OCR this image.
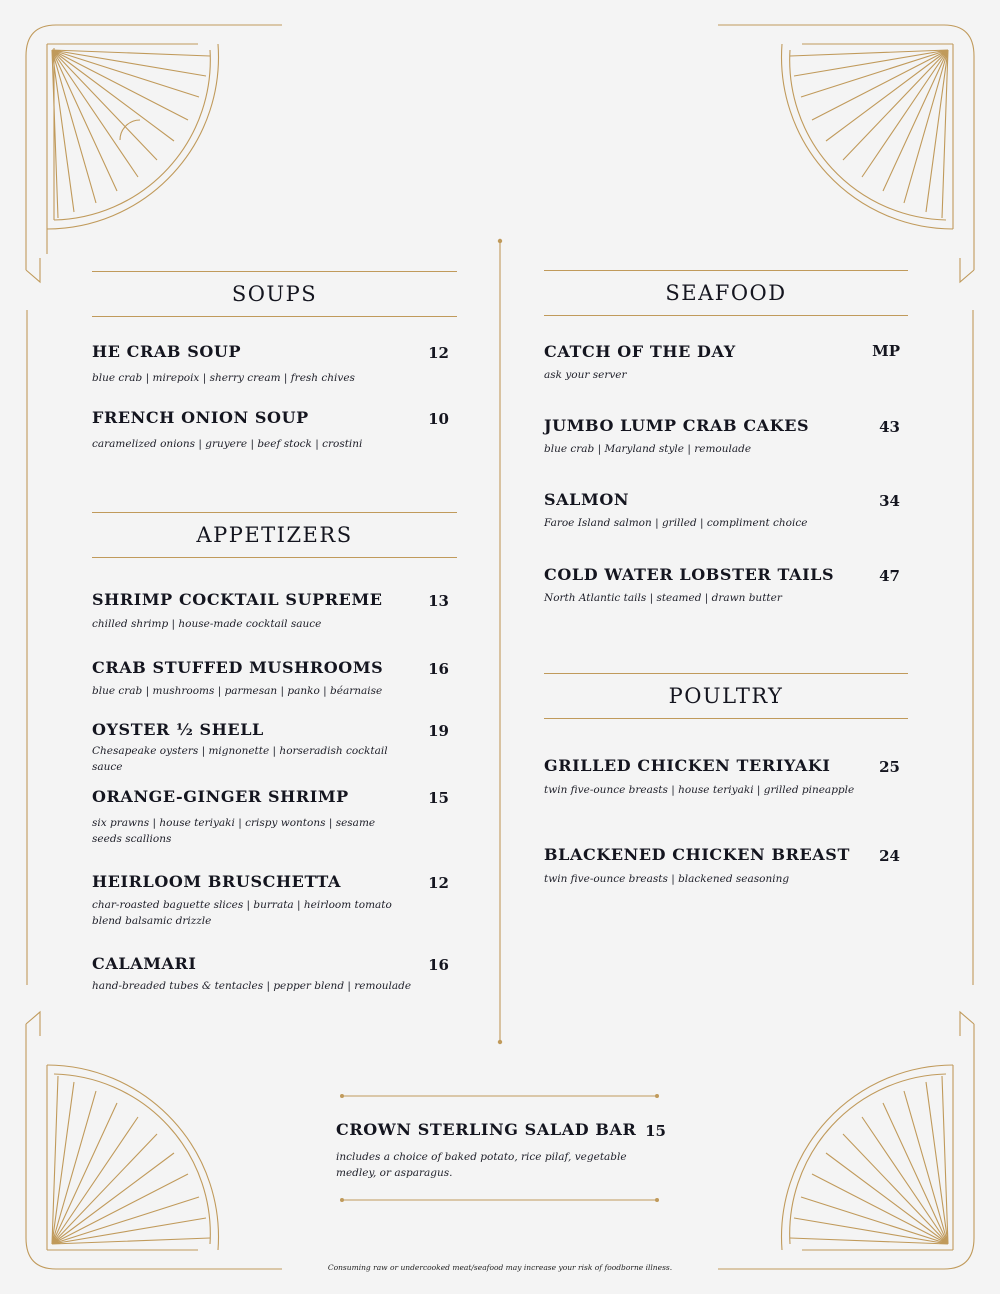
SOUPS
HE CRAB SOUP	12
blue crab | mirepoix | sherry cream | fresh chives
FRENCH ONION SOUP	10
caramelized onions | gruyere | beef stock | crostini
APPETIZERS
SHRIMP COCKTAIL SUPREME	13
chilled shrimp | house-made cocktail sauce
CRAB STUFFED MUSHROOMS	16
blue crab | mushrooms | parmesan | panko | béarnaise
OYSTER ½ SHELL	19
Chesapeake oysters | mignonette | horseradish cocktail sauce
ORANGE-GINGER SHRIMP	15
six prawns | house teriyaki | crispy wontons | sesame seeds scallions
HEIRLOOM BRUSCHETTA	12
char-roasted baguette slices | burrata | heirloom tomato blend balsamic drizzle
CALAMARI	16
hand-breaded tubes & tentacles | pepper blend | remoulade
SEAFOOD
CATCH OF THE DAY	MP
ask your server
JUMBO LUMP CRAB CAKES	43
blue crab | Maryland style | remoulade
SALMON	34
Faroe Island salmon | grilled | compliment choice
COLD WATER LOBSTER TAILS	47
North Atlantic tails | steamed | drawn butter
POULTRY
GRILLED CHICKEN TERIYAKI	25
twin five-ounce breasts | house teriyaki | grilled pineapple
BLACKENED CHICKEN BREAST	24
twin five-ounce breasts | blackened seasoning
CROWN STERLING SALAD BAR 15
includes a choice of baked potato, rice pilaf, vegetable medley, or asparagus.
Consuming raw or undercooked meat/seafood may increase your risk of foodborne illness.
